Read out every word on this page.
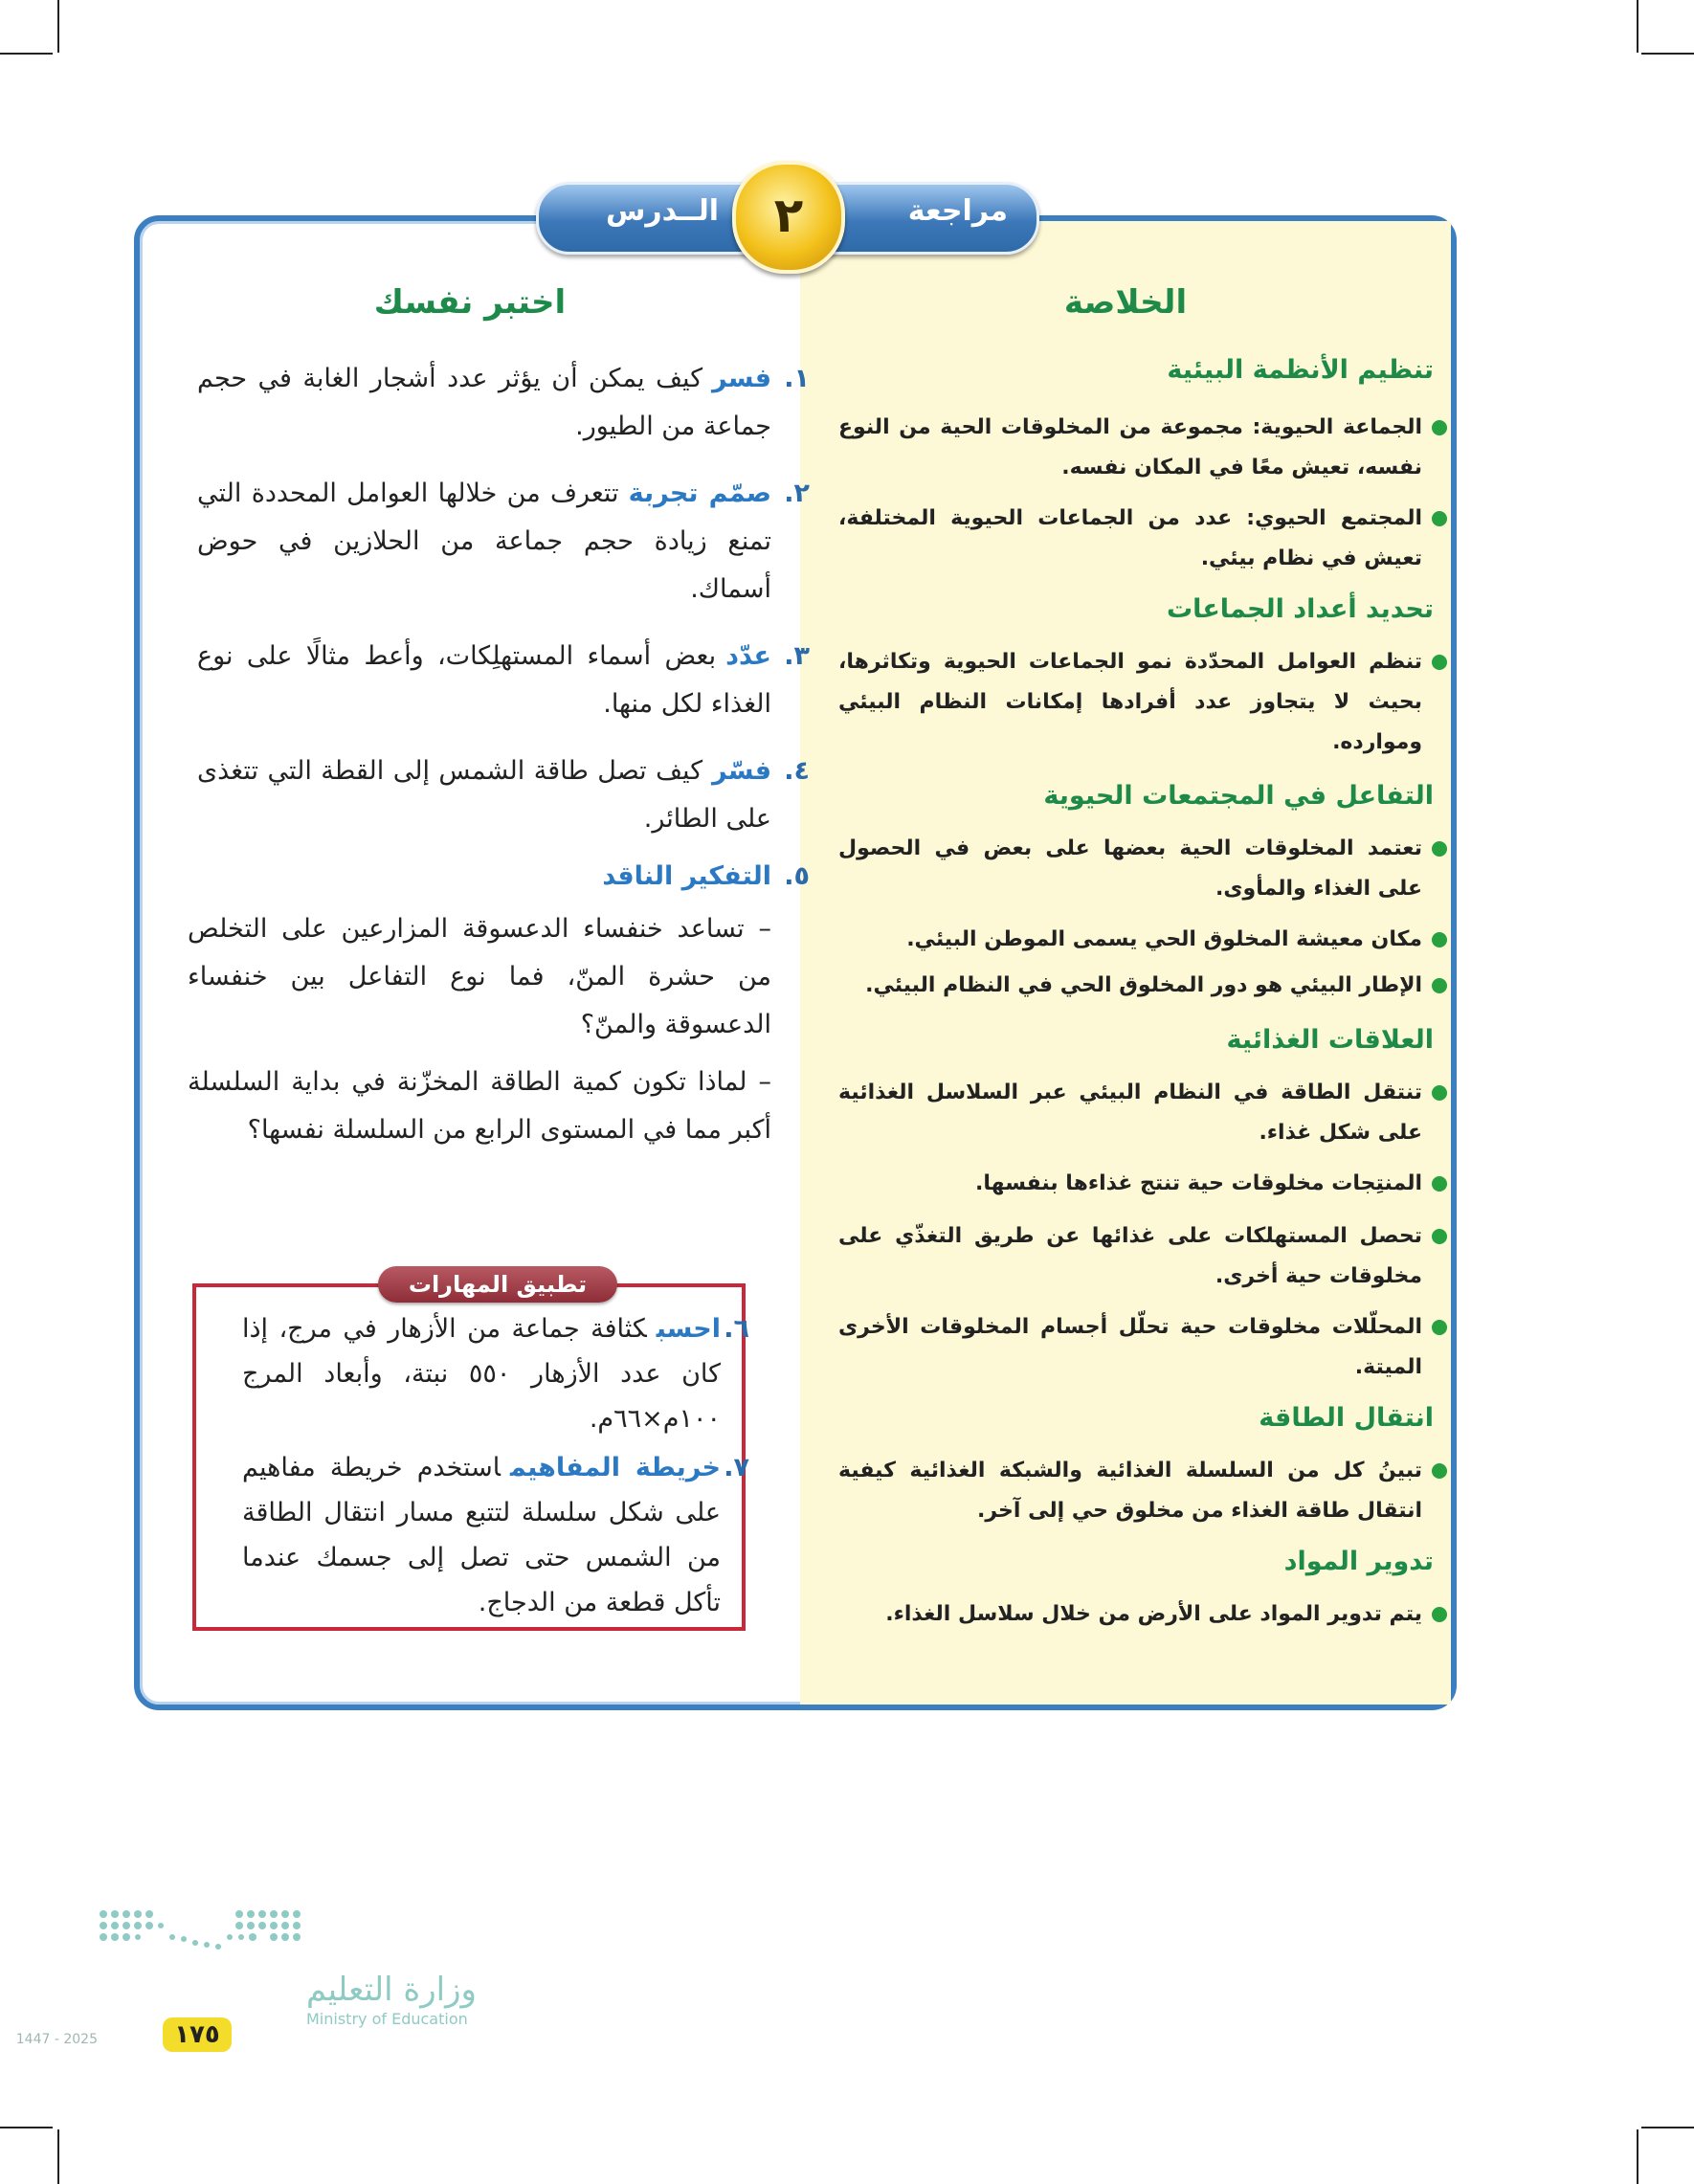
الخلاصة
تنظيم الأنظمة البيئية
الجماعة الحيوية: مجموعة من المخلوقات الحية من النوع نفسه، تعيش معًا في المكان نفسه.
المجتمع الحيوي: عدد من الجماعات الحيوية المختلفة، تعيش في نظام بيئي.
تحديد أعداد الجماعات
تنظم العوامل المحدّدة نمو الجماعات الحيوية وتكاثرها، بحيث لا يتجاوز عدد أفرادها إمكانات النظام البيئي وموارده.
التفاعل في المجتمعات الحيوية
تعتمد المخلوقات الحية بعضها على بعض في الحصول على الغذاء والمأوى.
مكان معيشة المخلوق الحي يسمى الموطن البيئي.
الإطار البيئي هو دور المخلوق الحي في النظام البيئي.
العلاقات الغذائية
تنتقل الطاقة في النظام البيئي عبر السلاسل الغذائية على شكل غذاء.
المنتِجات مخلوقات حية تنتج غذاءها بنفسها.
تحصل المستهلكات على غذائها عن طريق التغذّي على مخلوقات حية أخرى.
المحلّلات مخلوقات حية تحلّل أجسام المخلوقات الأخرى الميتة.
انتقال الطاقة
تبينُ كل من السلسلة الغذائية والشبكة الغذائية كيفية انتقال طاقة الغذاء من مخلوق حي إلى آخر.
تدوير المواد
يتم تدوير المواد على الأرض من خلال سلاسل الغذاء.
اختبر نفسك
١.
فسركيف يمكن أن يؤثر عدد أشجار الغابة في حجم جماعة من الطيور.
٢.
صمّم تجربةتتعرف من خلالها العوامل المحددة التي تمنع زيادة حجم جماعة من الحلازين في حوض أسماك.
٣.
عدّدبعض أسماء المستهلِكات، وأعط مثالًا على نوع الغذاء لكل منها.
٤.
فسّركيف تصل طاقة الشمس إلى القطة التي تتغذى على الطائر.
٥.
التفكير الناقد
– تساعد خنفساء الدعسوقة المزارعين على التخلص من حشرة المنّ، فما نوع التفاعل بين خنفساء الدعسوقة والمنّ؟
– لماذا تكون كمية الطاقة المخزّنة في بداية السلسلة أكبر مما في المستوى الرابع من السلسلة نفسها؟
تطبيق المهارات
٦.
احسبكثافة جماعة من الأزهار في مرج، إذا كان عدد الأزهار ٥٥٠ نبتة، وأبعاد المرج ١٠٠م×٦٦م.
٧.
خريطة المفاهيماستخدم خريطة مفاهيم على شكل سلسلة لتتبع مسار انتقال الطاقة من الشمس حتى تصل إلى جسمك عندما تأكل قطعة من الدجاج.
مراجعة
الــدرس	٢
وزارة التعليم
Ministry of Education
2025 - 1447	١٧٥
